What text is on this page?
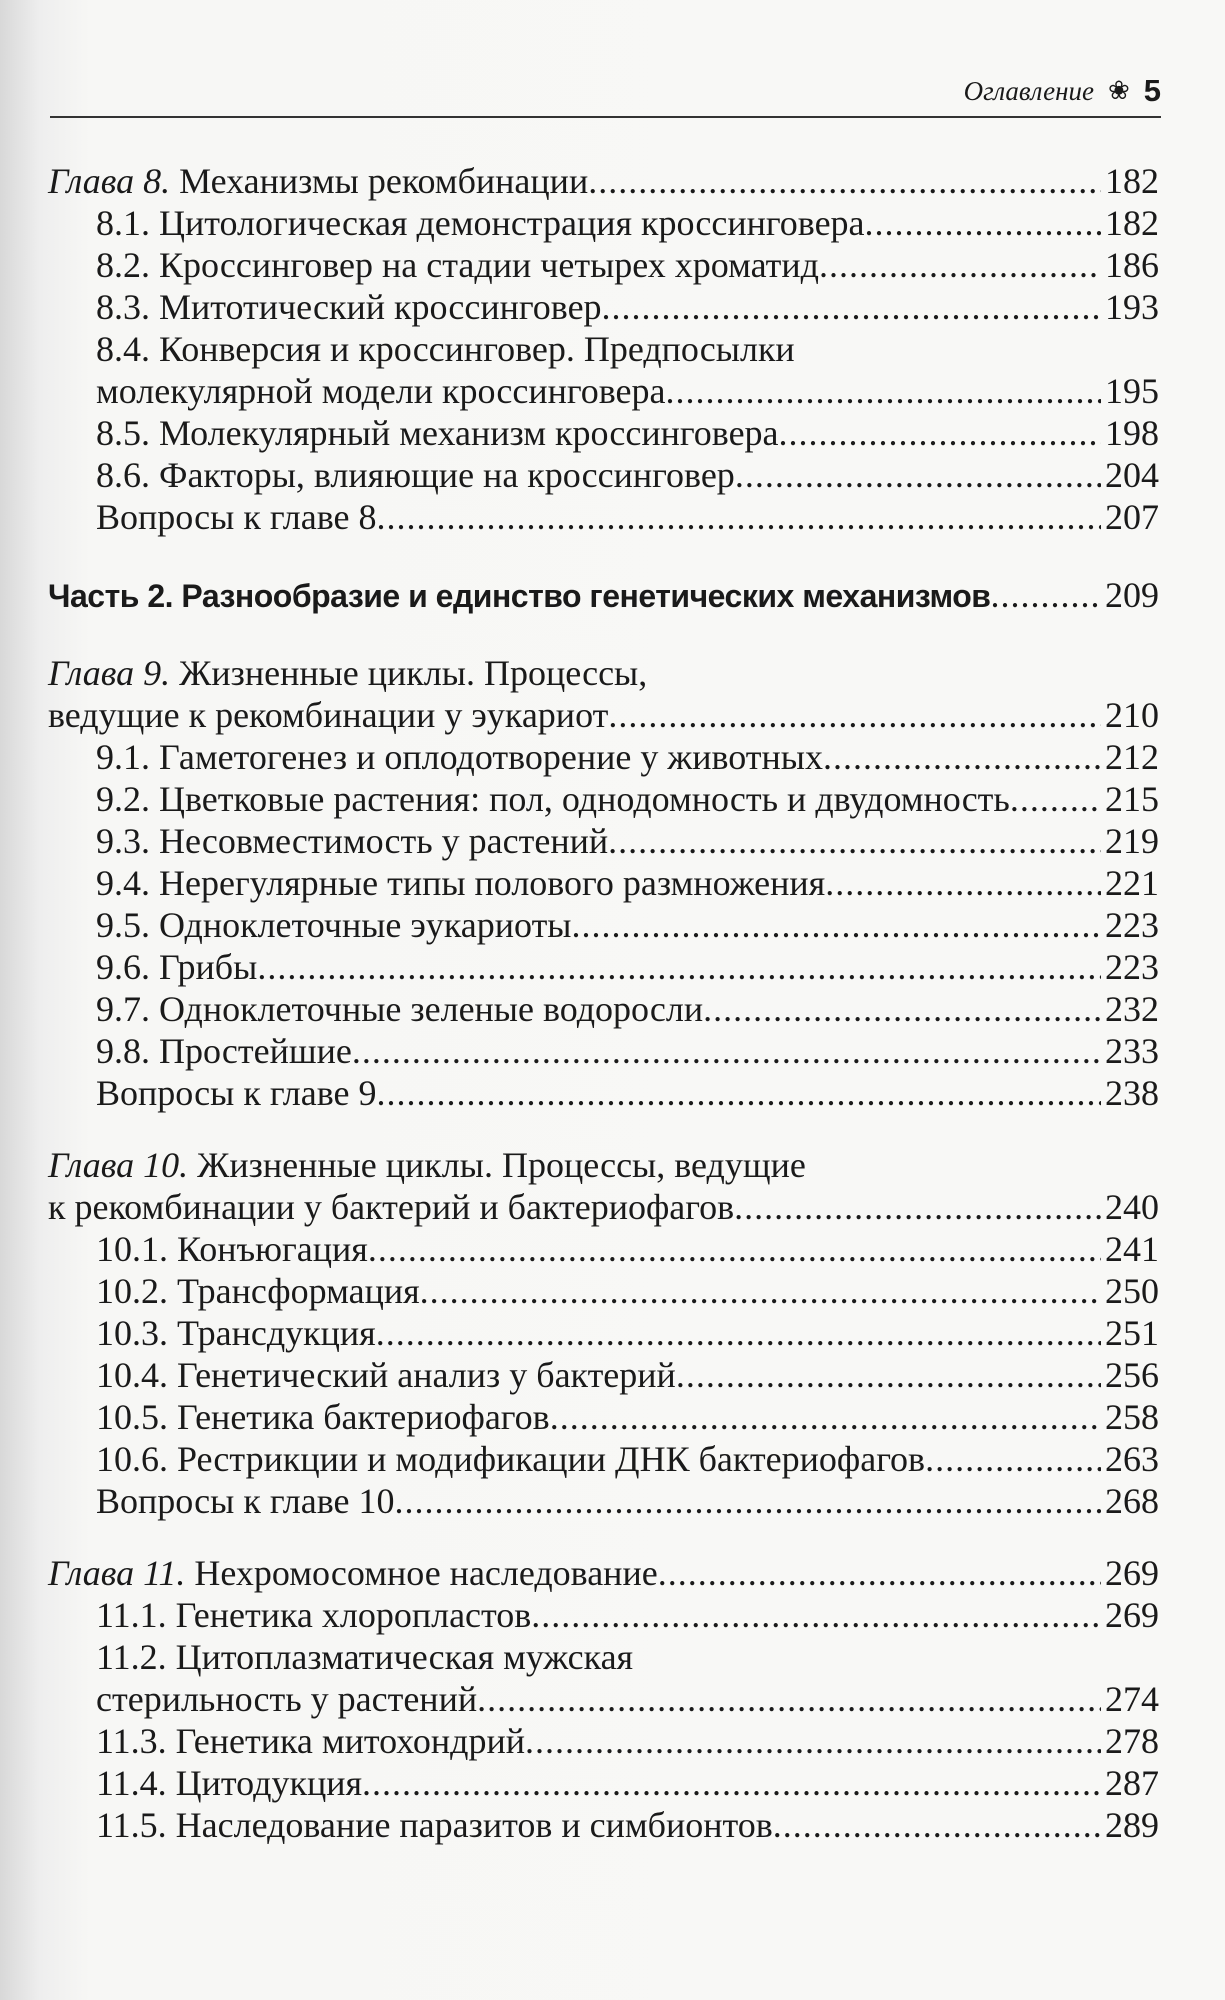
Оглавление ❀ 5
Глава 8. Механизмы рекомбинации . . .	182
8.1. Цитологическая демонстрация кроссинговера . . .	182
8.2. Кроссинговер на стадии четырех хроматид . . .	186
8.3. Митотический кроссинговер . . .	193
8.4. Конверсия и кроссинговер. Предпосылки
молекулярной модели кроссинговера . . .	195
8.5. Молекулярный механизм кроссинговера . . .	198
8.6. Факторы, влияющие на кроссинговер . . .	204
Вопросы к главе 8 . . .	207
Часть 2. Разнообразие и единство генетических механизмов . . .	209
Глава 9. Жизненные циклы. Процессы,
ведущие к рекомбинации у эукариот . . .	210
9.1. Гаметогенез и оплодотворение у животных . . .	212
9.2. Цветковые растения: пол, однодомность и двудомность . . .	215
9.3. Несовместимость у растений . . .	219
9.4. Нерегулярные типы полового размножения . . .	221
9.5. Одноклеточные эукариоты . . .	223
9.6. Грибы . . .	223
9.7. Одноклеточные зеленые водоросли . . .	232
9.8. Простейшие . . .	233
Вопросы к главе 9 . . .	238
Глава 10. Жизненные циклы. Процессы, ведущие
к рекомбинации у бактерий и бактериофагов . . .	240
10.1. Конъюгация . . .	241
10.2. Трансформация . . .	250
10.3. Трансдукция . . .	251
10.4. Генетический анализ у бактерий . . .	256
10.5. Генетика бактериофагов . . .	258
10.6. Рестрикции и модификации ДНК бактериофагов . . .	263
Вопросы к главе 10 . . .	268
Глава 11. Нехромосомное наследование . . .	269
11.1. Генетика хлоропластов . . .	269
11.2. Цитоплазматическая мужская
стерильность у растений . . .	274
11.3. Генетика митохондрий . . .	278
11.4. Цитодукция . . .	287
11.5. Наследование паразитов и симбионтов . . .	289
